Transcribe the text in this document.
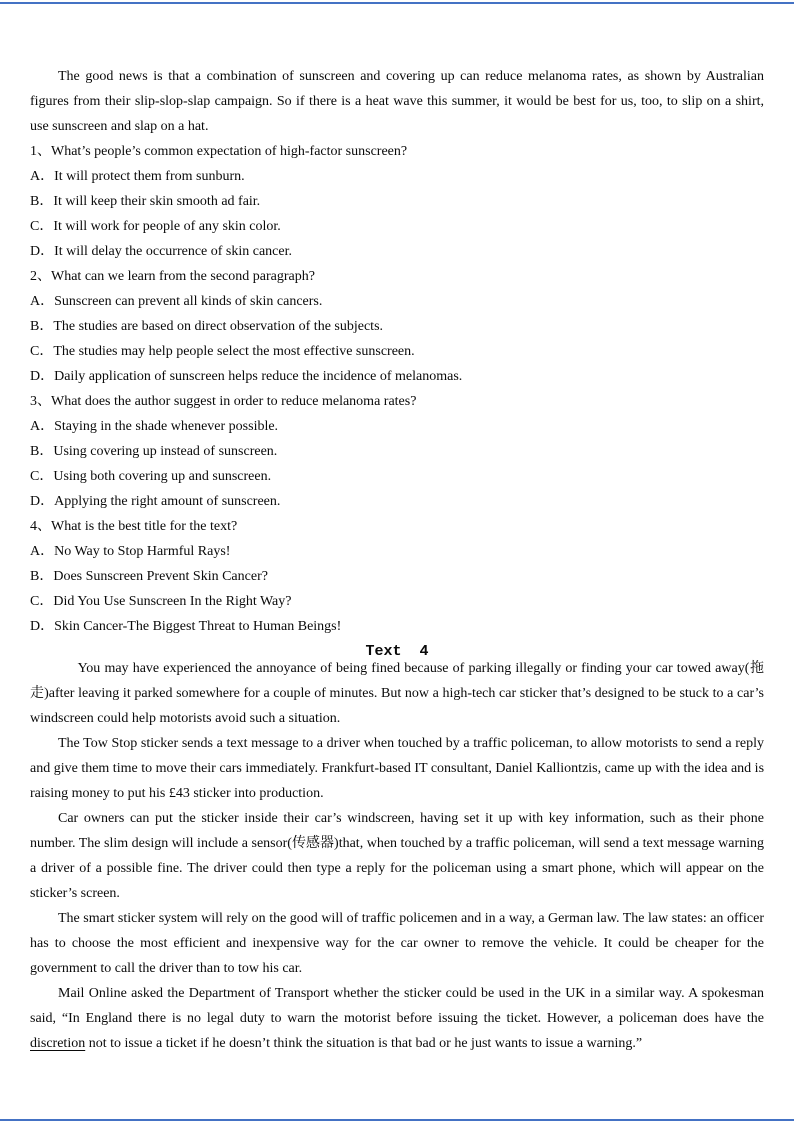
The good news is that a combination of sunscreen and covering up can reduce melanoma rates, as shown by Australian figures from their slip-slop-slap campaign. So if there is a heat wave this summer, it would be best for us, too, to slip on a shirt, use sunscreen and slap on a hat.

1、What’s people’s common expectation of high-factor sunscreen?
A．It will protect them from sunburn.
B．It will keep their skin smooth ad fair.
C．It will work for people of any skin color.
D．It will delay the occurrence of skin cancer.
2、What can we learn from the second paragraph?
A．Sunscreen can prevent all kinds of skin cancers.
B．The studies are based on direct observation of the subjects.
C．The studies may help people select the most effective sunscreen.
D．Daily application of sunscreen helps reduce the incidence of melanomas.
3、What does the author suggest in order to reduce melanoma rates?
A．Staying in the shade whenever possible.
B．Using covering up instead of sunscreen.
C．Using both covering up and sunscreen.
D．Applying the right amount of sunscreen.
4、What is the best title for the text?
A．No Way to Stop Harmful Rays!
B．Does Sunscreen Prevent Skin Cancer?
C．Did You Use Sunscreen In the Right Way?
D．Skin Cancer-The Biggest Threat to Human Beings!
Text  4

You may have experienced the annoyance of being fined because of parking illegally or finding your car towed away(拖走)after leaving it parked somewhere for a couple of minutes. But now a high-tech car sticker that’s designed to be stuck to a car’s windscreen could help motorists avoid such a situation.

The Tow Stop sticker sends a text message to a driver when touched by a traffic policeman, to allow motorists to send a reply and give them time to move their cars immediately. Frankfurt-based IT consultant, Daniel Kalliontzis, came up with the idea and is raising money to put his £43 sticker into production.

Car owners can put the sticker inside their car’s windscreen, having set it up with key information, such as their phone number. The slim design will include a sensor(传感器)that, when touched by a traffic policeman, will send a text message warning a driver of a possible fine. The driver could then type a reply for the policeman using a smart phone, which will appear on the sticker’s screen.

The smart sticker system will rely on the good will of traffic policemen and in a way, a German law. The law states: an officer has to choose the most efficient and inexpensive way for the car owner to remove the vehicle. It could be cheaper for the government to call the driver than to tow his car.

Mail Online asked the Department of Transport whether the sticker could be used in the UK in a similar way. A spokesman said, “In England there is no legal duty to warn the motorist before issuing the ticket. However, a policeman does have the discretion not to issue a ticket if he doesn’t think the situation is that bad or he just wants to issue a warning.”
